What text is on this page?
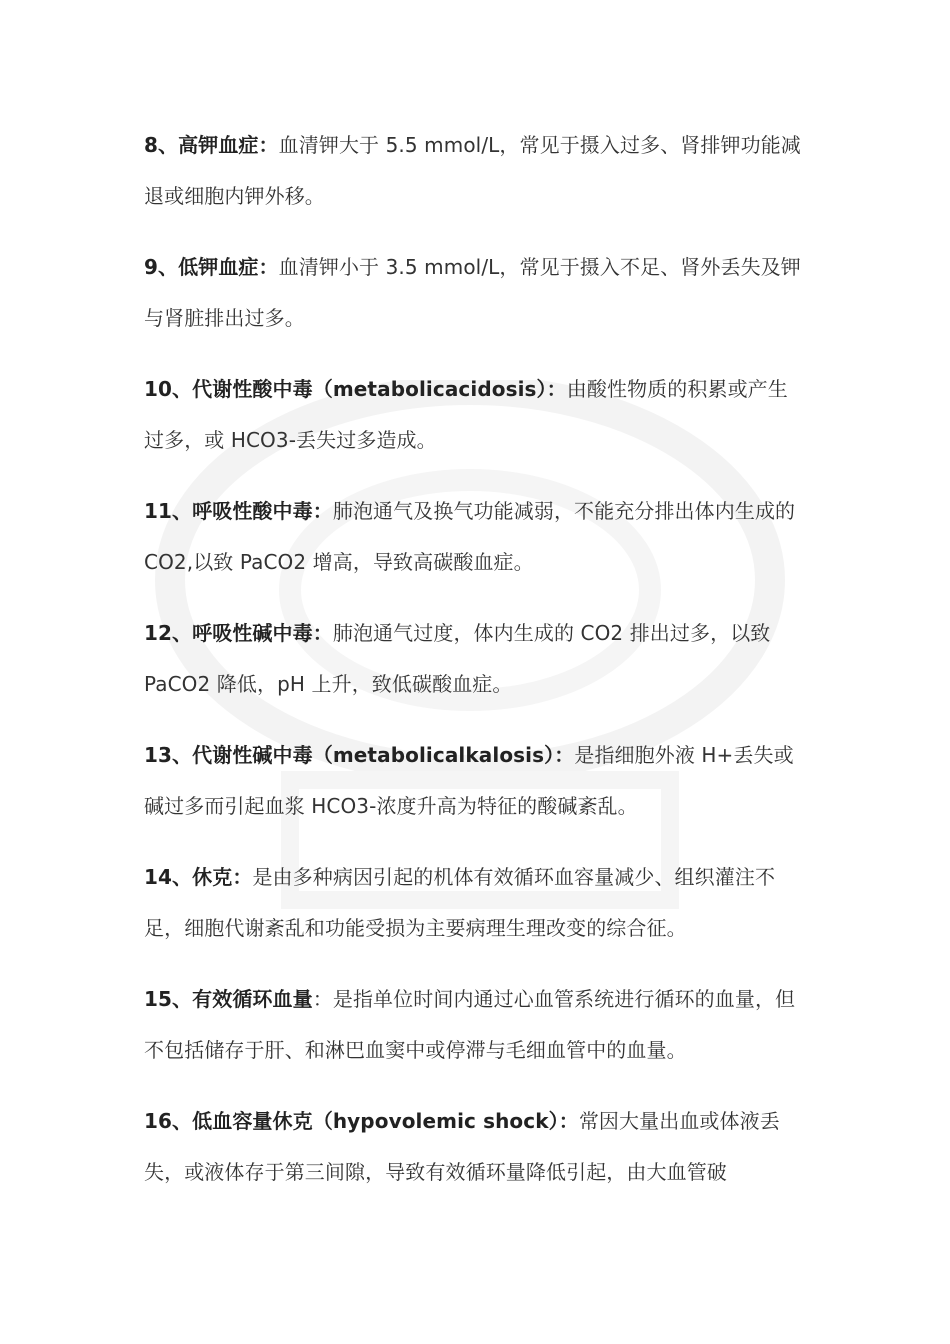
8、高钾血症：血清钾大于 5.5 mmol/L，常见于摄入过多、肾排钾功能减退或细胞内钾外移。

9、低钾血症：血清钾小于 3.5 mmol/L，常见于摄入不足、肾外丢失及钾与肾脏排出过多。

10、代谢性酸中毒（metabolicacidosis）：由酸性物质的积累或产生过多，或 HCO3-丢失过多造成。

11、呼吸性酸中毒：肺泡通气及换气功能减弱，不能充分排出体内生成的 CO2,以致 PaCO2 增高，导致高碳酸血症。

12、呼吸性碱中毒：肺泡通气过度，体内生成的 CO2 排出过多，以致 PaCO2 降低，pH 上升，致低碳酸血症。

13、代谢性碱中毒（metabolicalkalosis）：是指细胞外液 H+丢失或碱过多而引起血浆 HCO3-浓度升高为特征的酸碱紊乱。

14、休克：是由多种病因引起的机体有效循环血容量减少、组织灌注不足，细胞代谢紊乱和功能受损为主要病理生理改变的综合征。

15、有效循环血量：是指单位时间内通过心血管系统进行循环的血量，但不包括储存于肝、和淋巴血窦中或停滞与毛细血管中的血量。

16、低血容量休克（hypovolemic shock）：常因大量出血或体液丢失，或液体存于第三间隙，导致有效循环量降低引起，由大血管破
